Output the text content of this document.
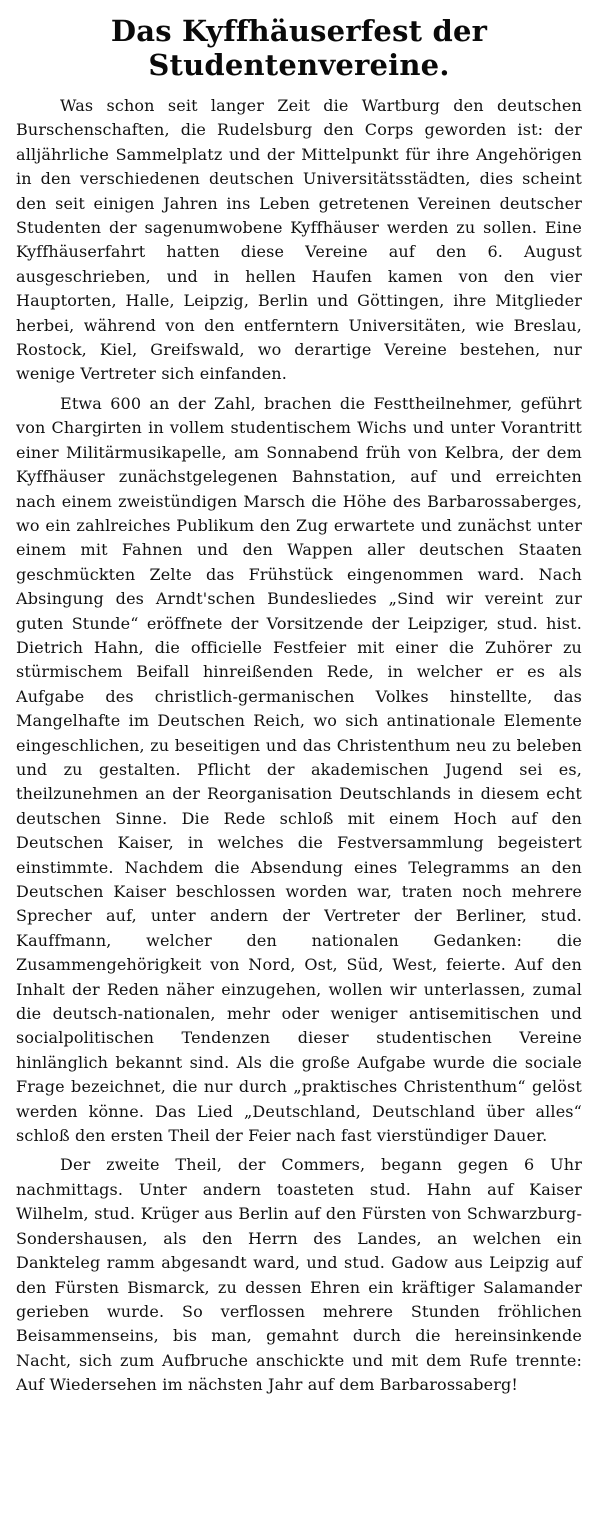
Das Kyffhäuserfest der Studentenvereine.

Was schon seit langer Zeit die Wartburg den deutschen Burschenschaften, die Rudelsburg den Corps geworden ist: der alljährliche Sammelplatz und der Mittelpunkt für ihre Angehörigen in den verschiedenen deutschen Universitätsstädten, dies scheint den seit einigen Jahren ins Leben getretenen Vereinen deutscher Studenten der sagenumwobene Kyffhäuser werden zu sollen. Eine Kyffhäuserfahrt hatten diese Vereine auf den 6. August ausgeschrieben, und in hellen Haufen kamen von den vier Hauptorten, Halle, Leipzig, Berlin und Göttingen, ihre Mitglieder herbei, während von den entferntern Universitäten, wie Breslau, Rostock, Kiel, Greifswald, wo derartige Vereine bestehen, nur wenige Vertreter sich einfanden.

Etwa 600 an der Zahl, brachen die Festtheilnehmer, geführt von Chargirten in vollem studentischem Wichs und unter Vorantritt einer Militärmusikapelle, am Sonnabend früh von Kelbra, der dem Kyffhäuser zunächstgelegenen Bahnstation, auf und erreichten nach einem zweistündigen Marsch die Höhe des Barbarossaberges, wo ein zahlreiches Publikum den Zug erwartete und zunächst unter einem mit Fahnen und den Wappen aller deutschen Staaten geschmückten Zelte das Frühstück eingenommen ward. Nach Absingung des Arndt'schen Bundesliedes „Sind wir vereint zur guten Stunde“ eröffnete der Vorsitzende der Leipziger, stud. hist. Dietrich Hahn, die officielle Festfeier mit einer die Zuhörer zu stürmischem Beifall hinreißenden Rede, in welcher er es als Aufgabe des christlich-germanischen Volkes hinstellte, das Mangelhafte im Deutschen Reich, wo sich antinationale Elemente eingeschlichen, zu beseitigen und das Christenthum neu zu beleben und zu gestalten. Pflicht der akademischen Jugend sei es, theilzunehmen an der Reorganisation Deutschlands in diesem echt deutschen Sinne. Die Rede schloß mit einem Hoch auf den Deutschen Kaiser, in welches die Festversammlung begeistert einstimmte. Nachdem die Absendung eines Telegramms an den Deutschen Kaiser beschlossen worden war, traten noch mehrere Sprecher auf, unter andern der Vertreter der Berliner, stud. Kauffmann, welcher den nationalen Gedanken: die Zusammengehörigkeit von Nord, Ost, Süd, West, feierte. Auf den Inhalt der Reden näher einzugehen, wollen wir unterlassen, zumal die deutsch-nationalen, mehr oder weniger antisemitischen und socialpolitischen Tendenzen dieser studentischen Vereine hinlänglich bekannt sind. Als die große Aufgabe wurde die sociale Frage bezeichnet, die nur durch „praktisches Christenthum“ gelöst werden könne. Das Lied „Deutschland, Deutschland über alles“ schloß den ersten Theil der Feier nach fast vierstündiger Dauer.

Der zweite Theil, der Commers, begann gegen 6 Uhr nachmittags. Unter andern toasteten stud. Hahn auf Kaiser Wilhelm, stud. Krüger aus Berlin auf den Fürsten von Schwarzburg-Sondershausen, als den Herrn des Landes, an welchen ein Dankteleg ramm abgesandt ward, und stud. Gadow aus Leipzig auf den Fürsten Bismarck, zu dessen Ehren ein kräftiger Salamander gerieben wurde. So verflossen mehrere Stunden fröhlichen Beisammenseins, bis man, gemahnt durch die hereinsinkende Nacht, sich zum Aufbruche anschickte und mit dem Rufe trennte: Auf Wiedersehen im nächsten Jahr auf dem Barbarossaberg!
